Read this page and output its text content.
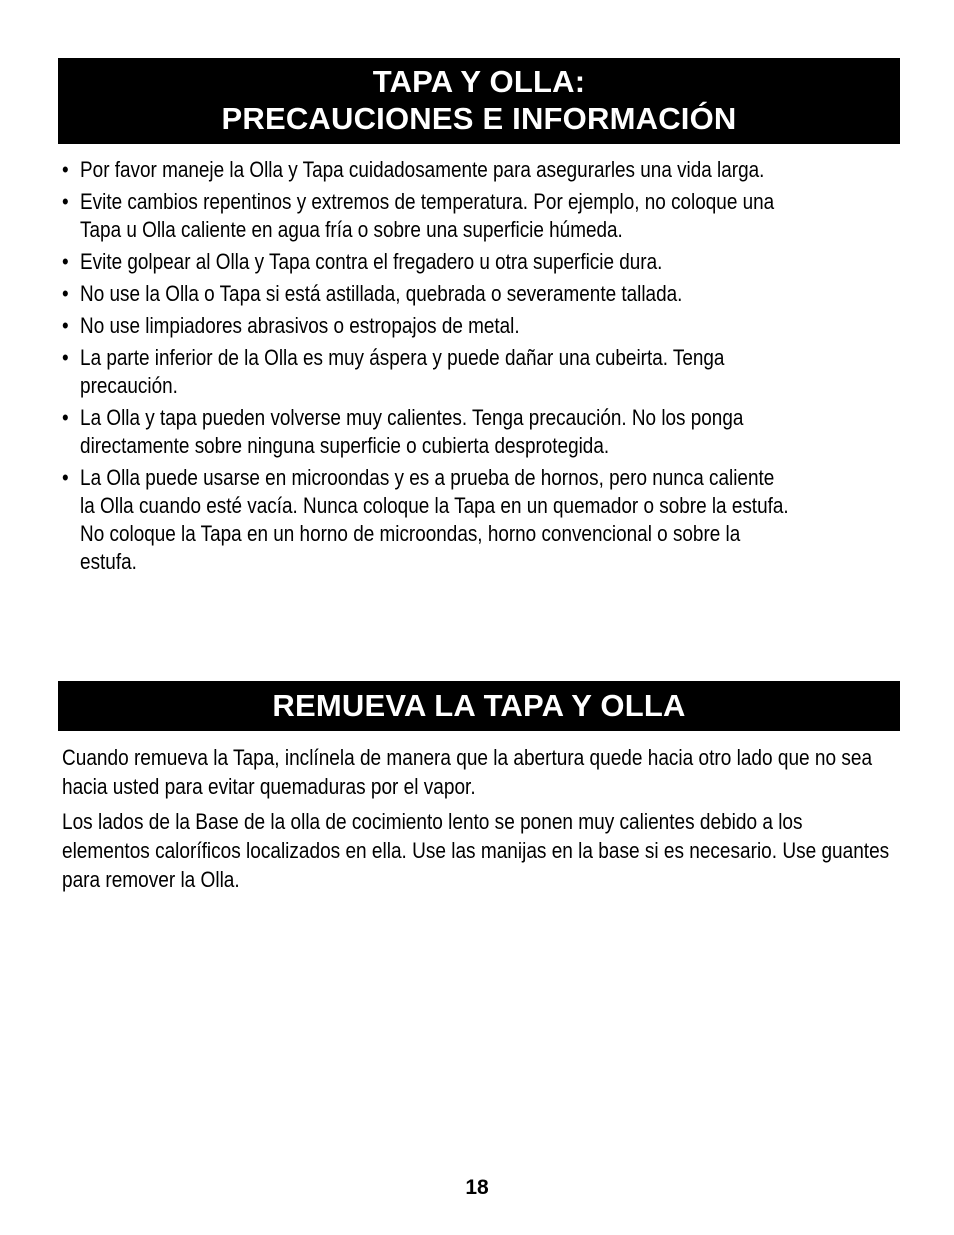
TAPA Y OLLA:
PRECAUCIONES E INFORMACIÓN
• Por favor maneje la Olla y Tapa cuidadosamente para asegurarles una vida larga.
• Evite cambios repentinos y extremos de temperatura. Por ejemplo, no coloque una Tapa u Olla caliente en agua fría o sobre una superficie húmeda.
• Evite golpear al Olla y Tapa contra el fregadero u otra superficie dura.
• No use la Olla o Tapa si está astillada, quebrada o severamente tallada.
• No use limpiadores abrasivos o estropajos de metal.
• La parte inferior de la Olla es muy áspera y puede dañar una cubeirta. Tenga precaución.
• La Olla y tapa pueden volverse muy calientes. Tenga precaución. No los ponga directamente sobre ninguna superficie o cubierta desprotegida.
• La Olla puede usarse en microondas y es a prueba de hornos, pero nunca caliente la Olla cuando esté vacía. Nunca coloque la Tapa en un quemador o sobre la estufa. No coloque la Tapa en un horno de microondas, horno convencional o sobre la estufa.
REMUEVA LA TAPA Y OLLA

Cuando remueva la Tapa, inclínela de manera que la abertura quede hacia otro lado que no sea hacia usted para evitar quemaduras por el vapor.

Los lados de la Base de la olla de cocimiento lento se ponen muy calientes debido a los elementos caloríficos localizados en ella. Use las manijas en la base si es necesario. Use guantes para remover la Olla.

18
